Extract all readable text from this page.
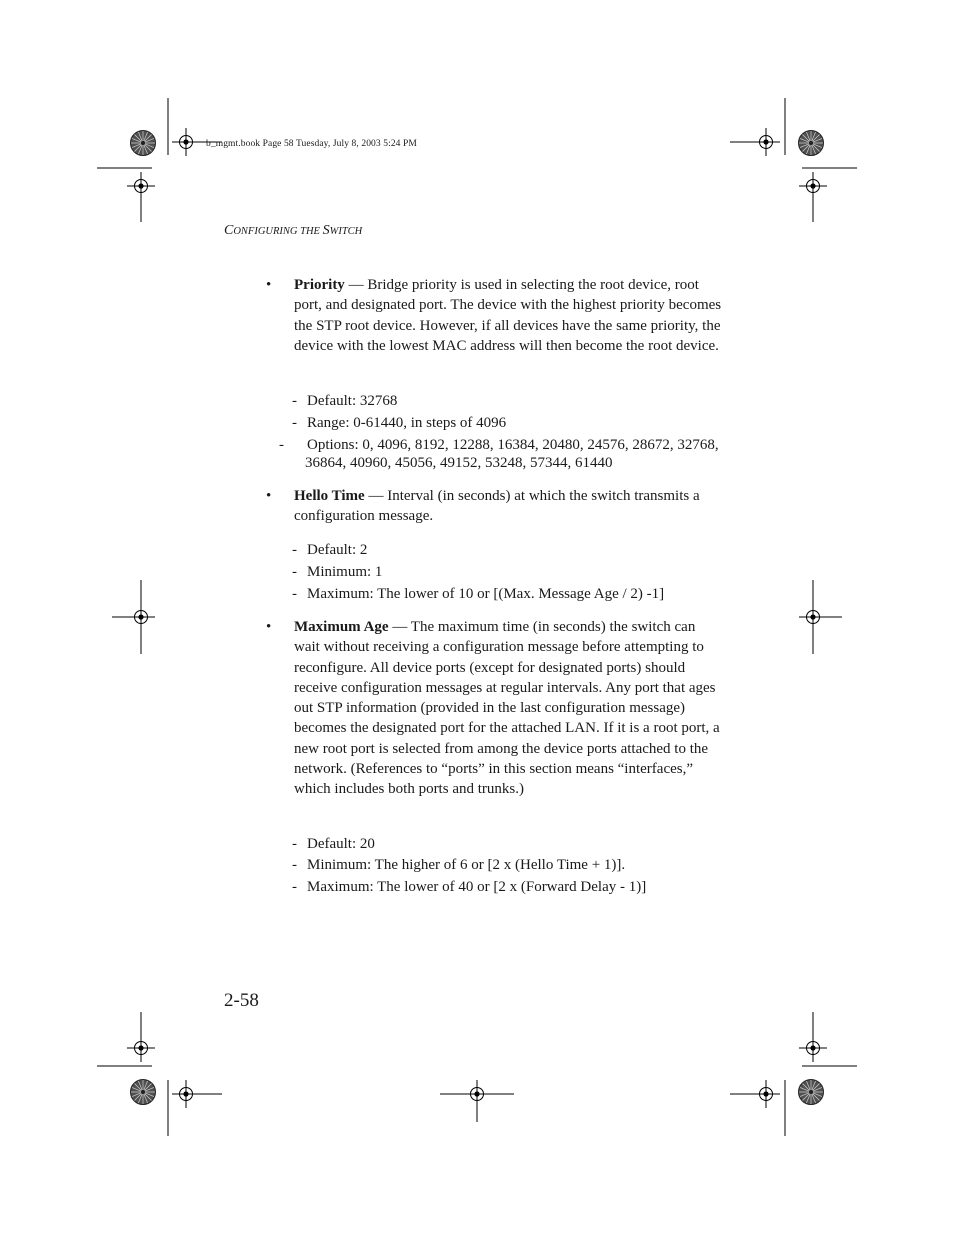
b_mgmt.book Page 58 Tuesday, July 8, 2003 5:24 PM
CONFIGURING THE SWITCH
• Priority — Bridge priority is used in selecting the root device, root port, and designated port. The device with the highest priority becomes the STP root device. However, if all devices have the same priority, the device with the lowest MAC address will then become the root device.

- Default: 32768

- Range: 0-61440, in steps of 4096

- Options: 0, 4096, 8192, 12288, 16384, 20480, 24576, 28672, 32768, 36864, 40960, 45056, 49152, 53248, 57344, 61440

• Hello Time — Interval (in seconds) at which the switch transmits a configuration message.

- Default: 2

- Minimum: 1

- Maximum: The lower of 10 or [(Max. Message Age / 2) -1]

• Maximum Age — The maximum time (in seconds) the switch can wait without receiving a configuration message before attempting to reconfigure. All device ports (except for designated ports) should receive configuration messages at regular intervals. Any port that ages out STP information (provided in the last configuration message) becomes the designated port for the attached LAN. If it is a root port, a new root port is selected from among the device ports attached to the network. (References to “ports” in this section means “interfaces,” which includes both ports and trunks.)

- Default: 20

- Minimum: The higher of 6 or [2 x (Hello Time + 1)].

- Maximum: The lower of 40 or [2 x (Forward Delay - 1)]

2-58
